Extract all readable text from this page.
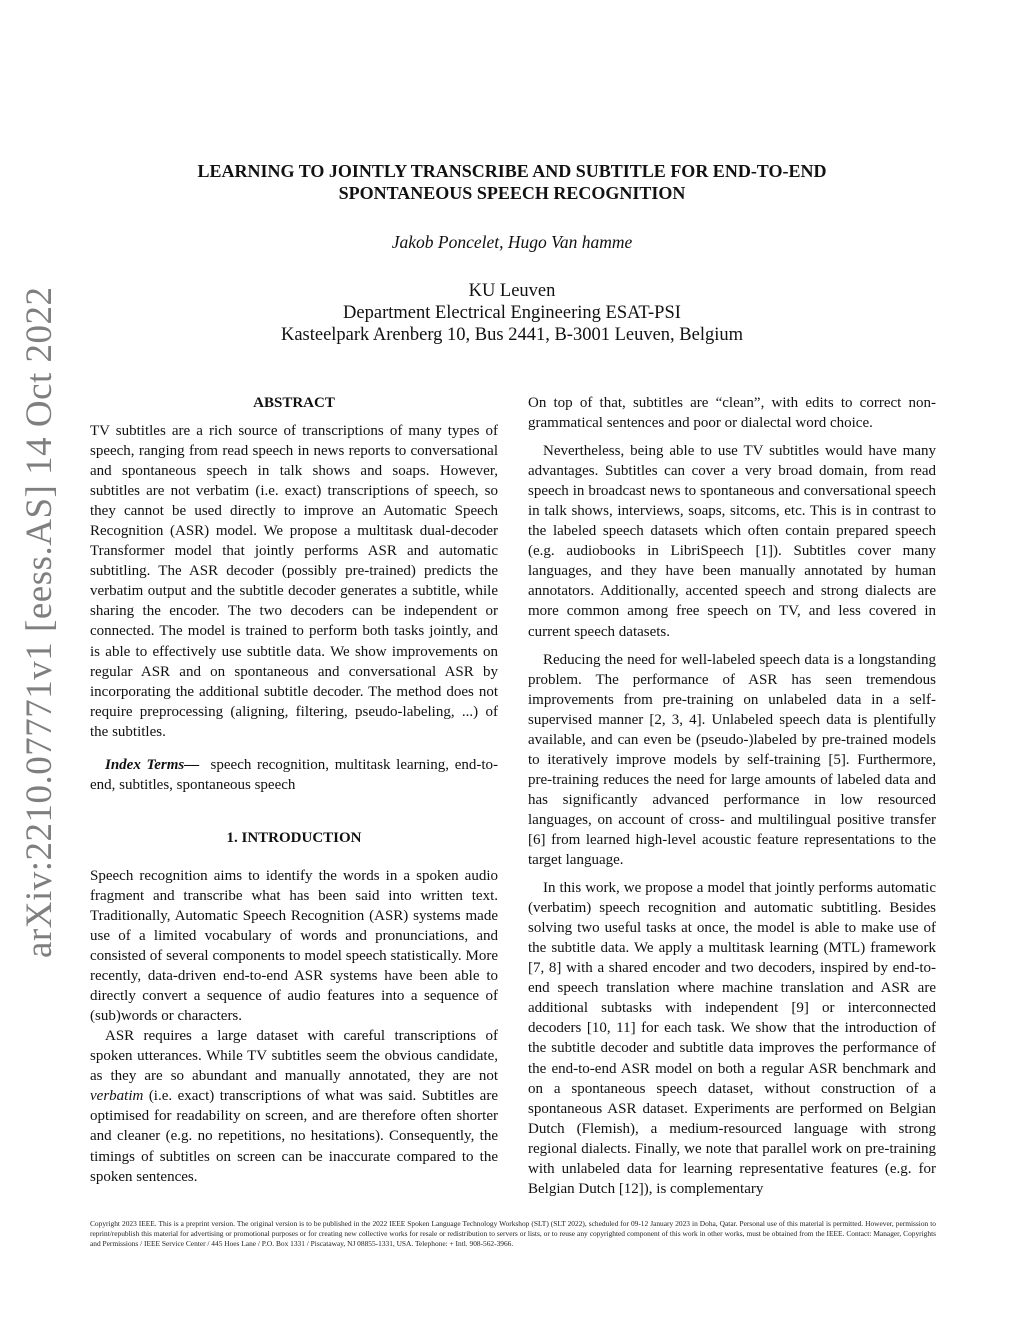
arXiv:2210.07771v1 [eess.AS] 14 Oct 2022
LEARNING TO JOINTLY TRANSCRIBE AND SUBTITLE FOR END-TO-END
SPONTANEOUS SPEECH RECOGNITION
Jakob Poncelet, Hugo Van hamme
KU Leuven
Department Electrical Engineering ESAT-PSI
Kasteelpark Arenberg 10, Bus 2441, B-3001 Leuven, Belgium
ABSTRACT

TV subtitles are a rich source of transcriptions of many types of speech, ranging from read speech in news reports to conversational and spontaneous speech in talk shows and soaps. However, subtitles are not verbatim (i.e. exact) transcriptions of speech, so they cannot be used directly to improve an Automatic Speech Recognition (ASR) model. We propose a multitask dual-decoder Transformer model that jointly performs ASR and automatic subtitling. The ASR decoder (possibly pre-trained) predicts the verbatim output and the subtitle decoder generates a subtitle, while sharing the encoder. The two decoders can be independent or connected. The model is trained to perform both tasks jointly, and is able to effectively use subtitle data. We show improvements on regular ASR and on spontaneous and conversational ASR by incorporating the additional subtitle decoder. The method does not require preprocessing (aligning, filtering, pseudo-labeling, ...) of the subtitles.

Index Terms— speech recognition, multitask learning, end-to-end, subtitles, spontaneous speech

1. INTRODUCTION

Speech recognition aims to identify the words in a spoken audio fragment and transcribe what has been said into written text. Traditionally, Automatic Speech Recognition (ASR) systems made use of a limited vocabulary of words and pronunciations, and consisted of several components to model speech statistically. More recently, data-driven end-to-end ASR systems have been able to directly convert a sequence of audio features into a sequence of (sub)words or characters.

ASR requires a large dataset with careful transcriptions of spoken utterances. While TV subtitles seem the obvious candidate, as they are so abundant and manually annotated, they are not verbatim (i.e. exact) transcriptions of what was said. Subtitles are optimised for readability on screen, and are therefore often shorter and cleaner (e.g. no repetitions, no hesitations). Consequently, the timings of subtitles on screen can be inaccurate compared to the spoken sentences.

On top of that, subtitles are “clean”, with edits to correct non-grammatical sentences and poor or dialectal word choice.

Nevertheless, being able to use TV subtitles would have many advantages. Subtitles can cover a very broad domain, from read speech in broadcast news to spontaneous and conversational speech in talk shows, interviews, soaps, sitcoms, etc. This is in contrast to the labeled speech datasets which often contain prepared speech (e.g. audiobooks in LibriSpeech [1]). Subtitles cover many languages, and they have been manually annotated by human annotators. Additionally, accented speech and strong dialects are more common among free speech on TV, and less covered in current speech datasets.

Reducing the need for well-labeled speech data is a longstanding problem. The performance of ASR has seen tremendous improvements from pre-training on unlabeled data in a self-supervised manner [2, 3, 4]. Unlabeled speech data is plentifully available, and can even be (pseudo-)labeled by pre-trained models to iteratively improve models by self-training [5]. Furthermore, pre-training reduces the need for large amounts of labeled data and has significantly advanced performance in low resourced languages, on account of cross- and multilingual positive transfer [6] from learned high-level acoustic feature representations to the target language.

In this work, we propose a model that jointly performs automatic (verbatim) speech recognition and automatic subtitling. Besides solving two useful tasks at once, the model is able to make use of the subtitle data. We apply a multitask learning (MTL) framework [7, 8] with a shared encoder and two decoders, inspired by end-to-end speech translation where machine translation and ASR are additional subtasks with independent [9] or interconnected decoders [10, 11] for each task. We show that the introduction of the subtitle decoder and subtitle data improves the performance of the end-to-end ASR model on both a regular ASR benchmark and on a spontaneous speech dataset, without construction of a spontaneous ASR dataset. Experiments are performed on Belgian Dutch (Flemish), a medium-resourced language with strong regional dialects. Finally, we note that parallel work on pre-training with unlabeled data for learning representative features (e.g. for Belgian Dutch [12]), is complementary

Copyright 2023 IEEE. This is a preprint version. The original version is to be published in the 2022 IEEE Spoken Language Technology Workshop (SLT) (SLT 2022), scheduled for 09-12 January 2023 in Doha, Qatar. Personal use of this material is permitted. However, permission to reprint/republish this material for advertising or promotional purposes or for creating new collective works for resale or redistribution to servers or lists, or to reuse any copyrighted component of this work in other works, must be obtained from the IEEE. Contact: Manager, Copyrights and Permissions / IEEE Service Center / 445 Hoes Lane / P.O. Box 1331 / Piscataway, NJ 08855-1331, USA. Telephone: + Intl. 908-562-3966.
